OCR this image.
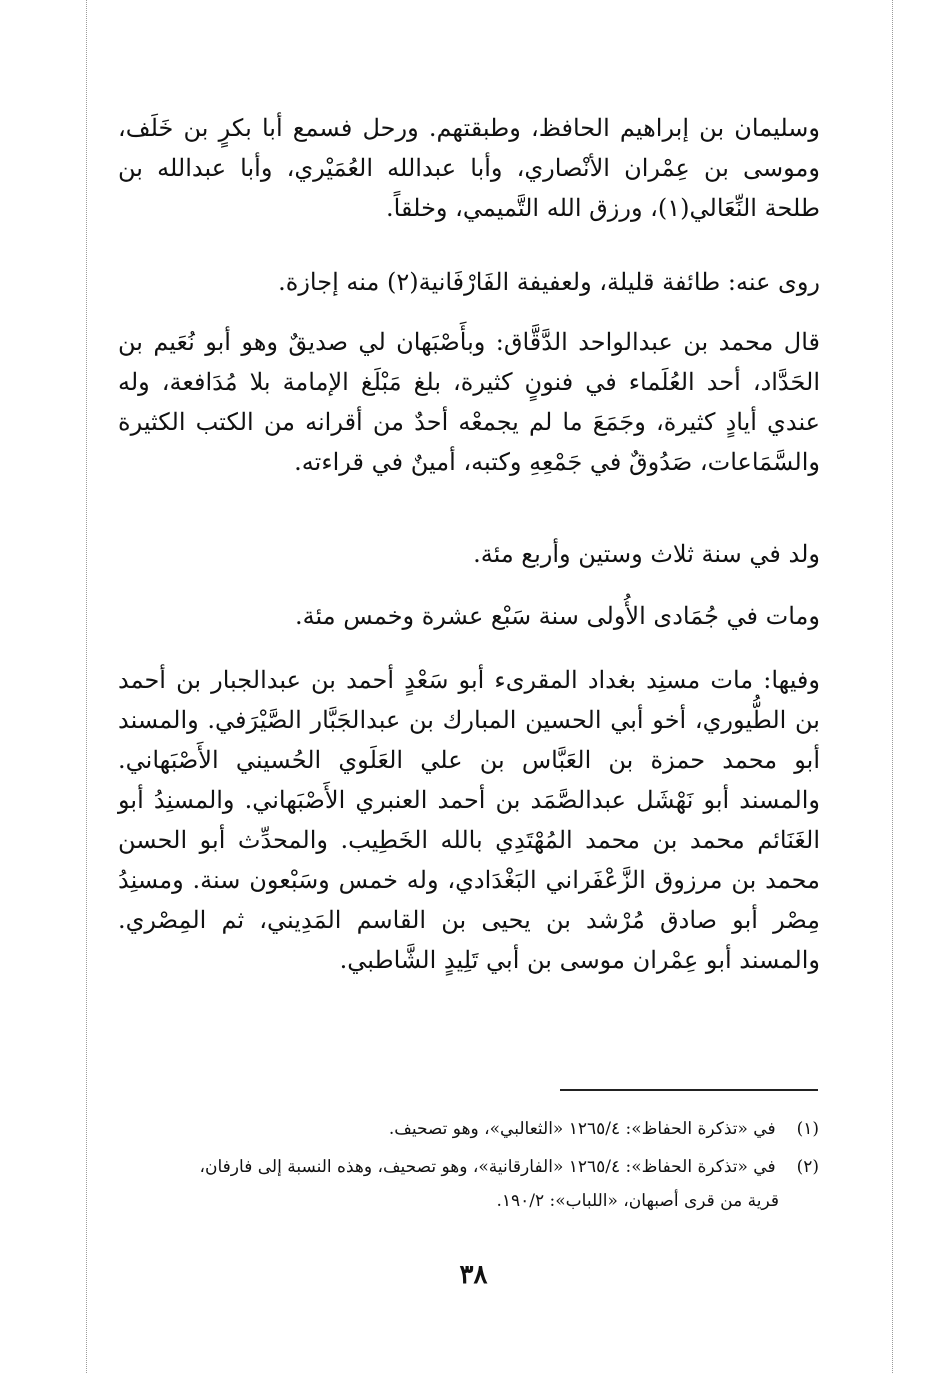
وسليمان بن إبراهيم الحافظ، وطبقتهم. ورحل فسمع أبا بكرٍ بن خَلَف، وموسى بن عِمْران الأنْصاري، وأبا عبدالله العُمَيْري، وأبا عبدالله بن طلحة النِّعَالي(١)، ورزق الله التَّميمي، وخلقاً.

روى عنه: طائفة قليلة، ولعفيفة الفَارْفَانية(٢) منه إجازة.

قال محمد بن عبدالواحد الدَّقَّاق: وبأَصْبَهان لي صديقٌ وهو أبو نُعَيم بن الحَدَّاد، أحد العُلَماء في فنونٍ كثيرة، بلغ مَبْلَغ الإمامة بلا مُدَافعة، وله عندي أيادٍ كثيرة، وجَمَعَ ما لم يجمعْه أحدٌ من أقرانه من الكتب الكثيرة والسَّمَاعات، صَدُوقٌ في جَمْعِهِ وكتبه، أمينٌ في قراءته.

ولد في سنة ثلاث وستين وأربع مئة.

ومات في جُمَادى الأُولى سنة سَبْع عشرة وخمس مئة.

وفيها: مات مسنِد بغداد المقرىء أبو سَعْدٍ أحمد بن عبدالجبار بن أحمد بن الطُّيوري، أخو أبي الحسين المبارك بن عبدالجَبَّار الصَّيْرَفي. والمسند أبو محمد حمزة بن العَبَّاس بن علي العَلَوي الحُسيني الأَصْبَهاني. والمسند أبو نَهْشَل عبدالصَّمَد بن أحمد العنبري الأَصْبَهاني. والمسنِدُ أبو الغَنَائم محمد بن محمد المُهْتَدِي بالله الخَطِيب. والمحدِّث أبو الحسن محمد بن مرزوق الزَّعْفَراني البَغْدَادي، وله خمس وسَبْعون سنة. ومسنِدُ مِصْر أبو صادق مُرْشد بن يحيى بن القاسم المَدِيني، ثم المِصْري. والمسند أبو عِمْران موسى بن أبي تَلِيدٍ الشَّاطبي.

(١) في «تذكرة الحفاظ»: ١٢٦٥/٤ «الثعالبي»، وهو تصحيف.

(٢) في «تذكرة الحفاظ»: ١٢٦٥/٤ «الفارقانية»، وهو تصحيف، وهذه النسبة إلى فارفان،
قرية من قرى أصبهان، «اللباب»: ١٩٠/٢.

٣٨
